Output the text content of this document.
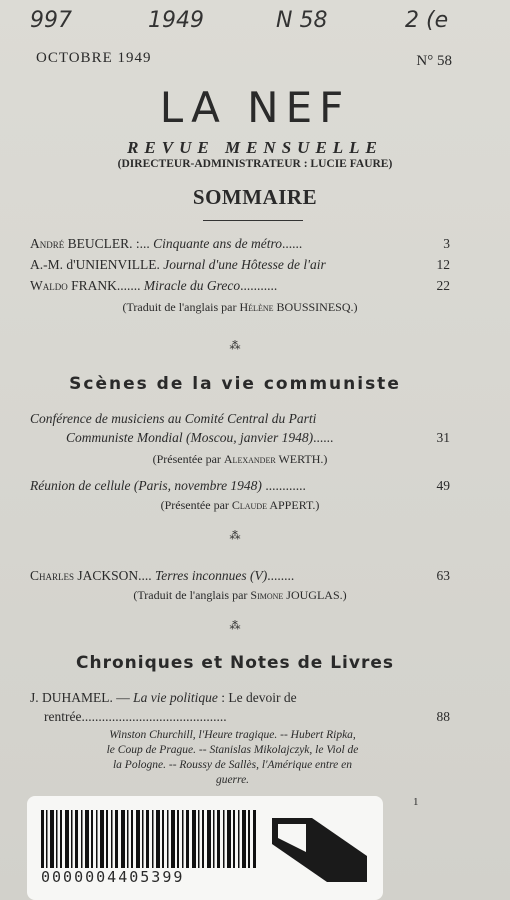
997	1949	N 58	2 (e
OCTOBRE 1949	N° 58
LA NEF
REVUE MENSUELLE
(DIRECTEUR-ADMINISTRATEUR : LUCIE FAURE)
SOMMAIRE
André BEUCLER. :... Cinquante ans de métro......	3
A.-M. d'UNIENVILLE. Journal d'une Hôtesse de l'air	12
Waldo FRANK....... Miracle du Greco...........	22
(Traduit de l'anglais par Hélène BOUSSINESQ.)
⁂
Scènes de la vie communiste
Conférence de musiciens au Comité Central du Parti
Communiste Mondial (Moscou, janvier 1948)......	31
(Présentée par Alexander WERTH.)
Réunion de cellule (Paris, novembre 1948) ............	49
(Présentée par Claude APPERT.)
⁂
Charles JACKSON.... Terres inconnues (V)........	63
(Traduit de l'anglais par Simone JOUGLAS.)
⁂
Chroniques et Notes de Livres
J. DUHAMEL. — La vie politique : Le devoir de
rentrée...........................................	88
Winston Churchill, l'Heure tragique. -- Hubert Ripka,
le Coup de Prague. -- Stanislas Mikolajczyk, le Viol de
la Pologne. -- Roussy de Sallès, l'Amérique entre en
guerre.
1
0000004405399
